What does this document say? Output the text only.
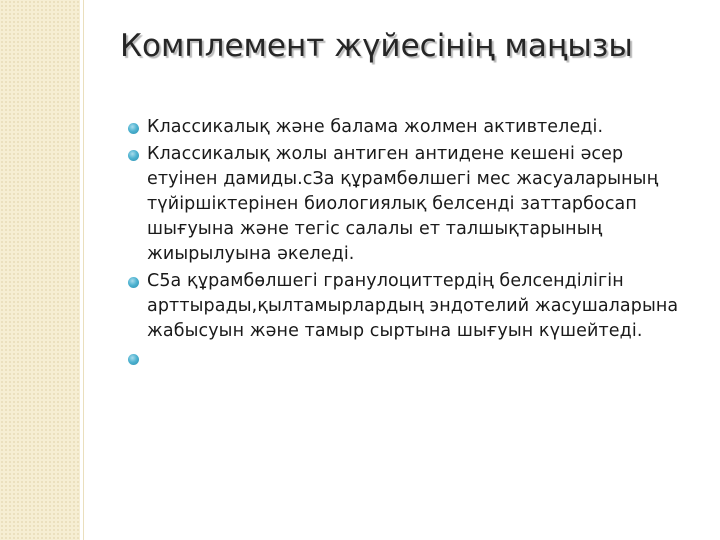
Комплемент жүйесінің маңызы
Классикалық жәнe балама жолмен активтеледі.
Классикалық жолы антиген антидене кешені әсер етуінен дамиды.сЗа құрамбөлшегі мес жасуаларының түйіршіктерінен биологиялық белсенді заттарбосап шығуына және тегіс салалы ет талшықтарының жиырылуына әкеледі.
С5а құрамбөлшегі гранулоциттердің белсенділігін арттырады,қылтамырлардың эндотелий жасушаларына жабысуын және тамыр сыртына шығуын күшейтеді.
